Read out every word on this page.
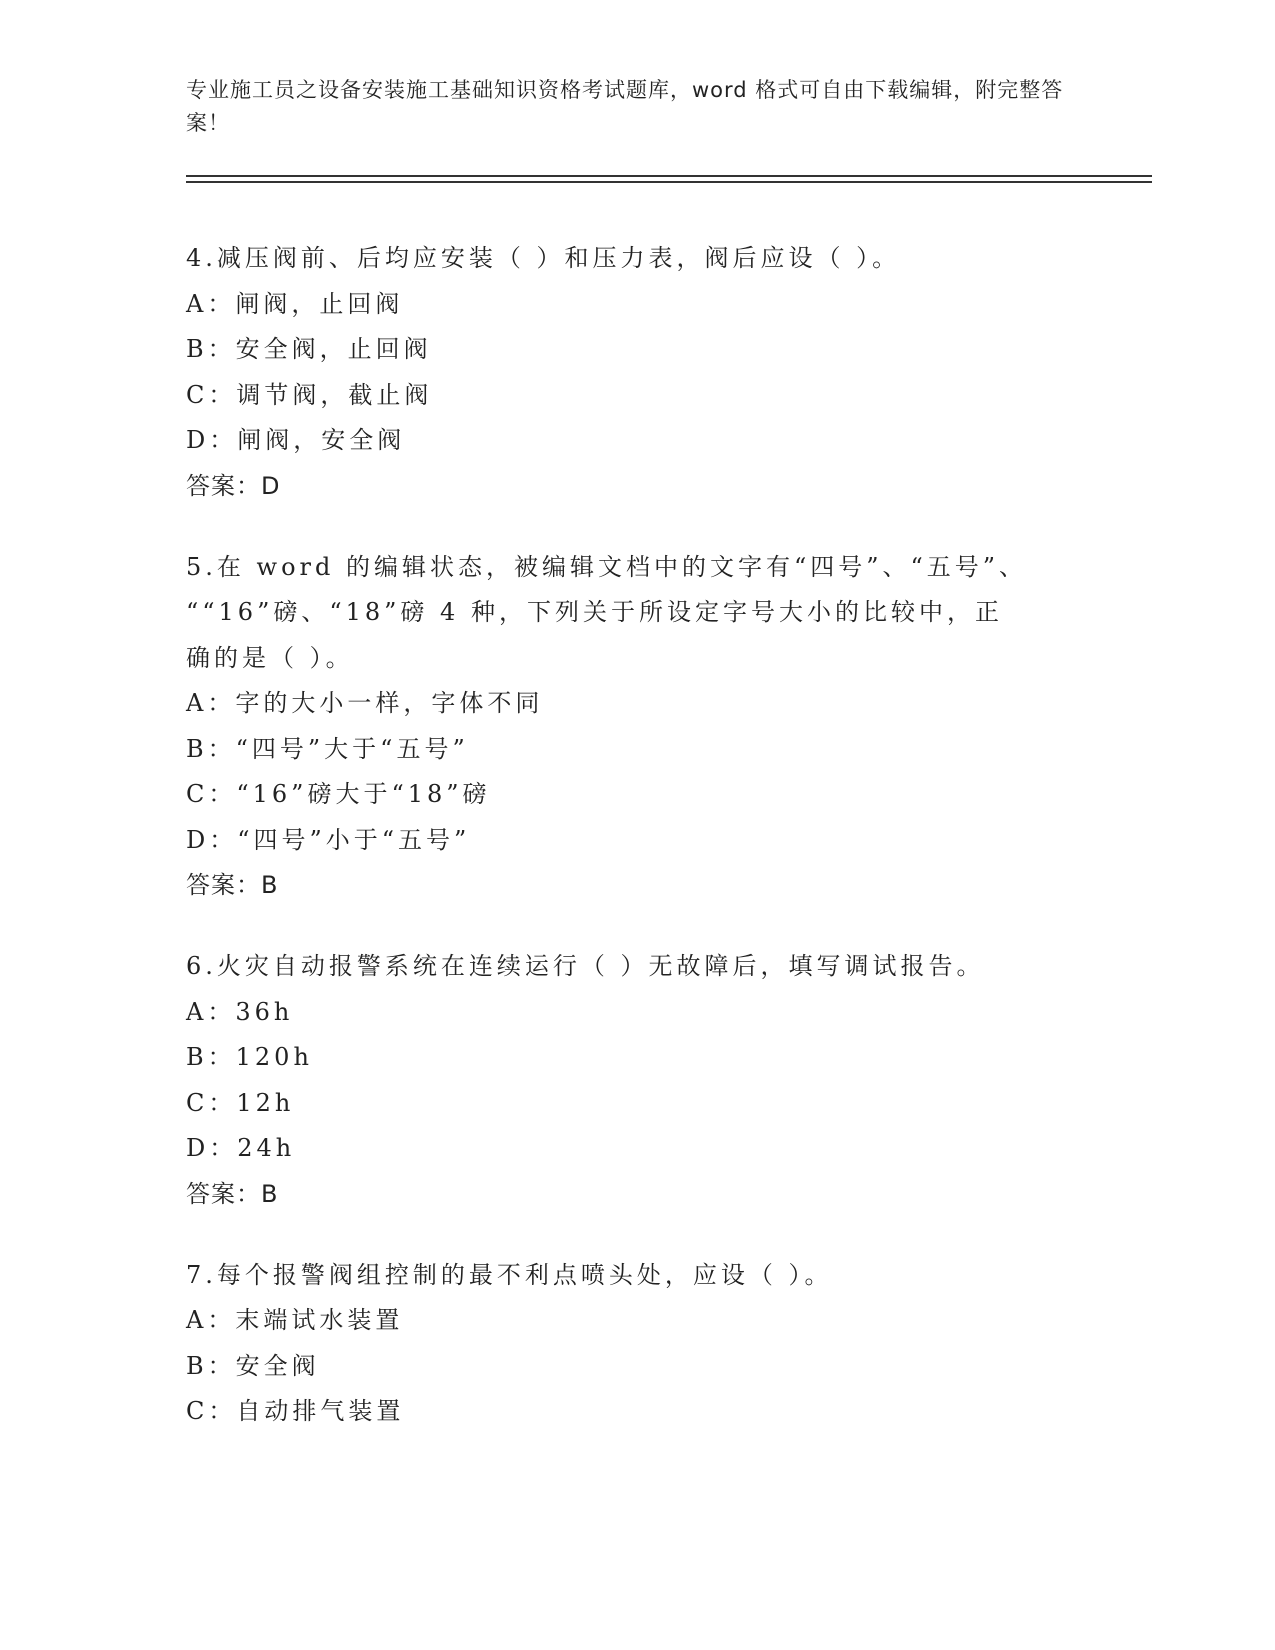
专业施工员之设备安装施工基础知识资格考试题库，word 格式可自由下载编辑，附完整答案！
4.减压阀前、后均应安装（ ）和压力表，阀后应设（ ）。
A：闸阀，止回阀
B：安全阀，止回阀
C：调节阀，截止阀
D：闸阀，安全阀
答案：D
5.在 word 的编辑状态，被编辑文档中的文字有“四号”、“五号”、
““16”磅、“18”磅 4 种，下列关于所设定字号大小的比较中，正
确的是（ ）。
A：字的大小一样，字体不同
B：“四号”大于“五号”
C：“16”磅大于“18”磅
D：“四号”小于“五号”
答案：B
6.火灾自动报警系统在连续运行（ ）无故障后，填写调试报告。
A：36h
B：120h
C：12h
D：24h
答案：B
7.每个报警阀组控制的最不利点喷头处，应设（ ）。
A：末端试水装置
B：安全阀
C：自动排气装置
